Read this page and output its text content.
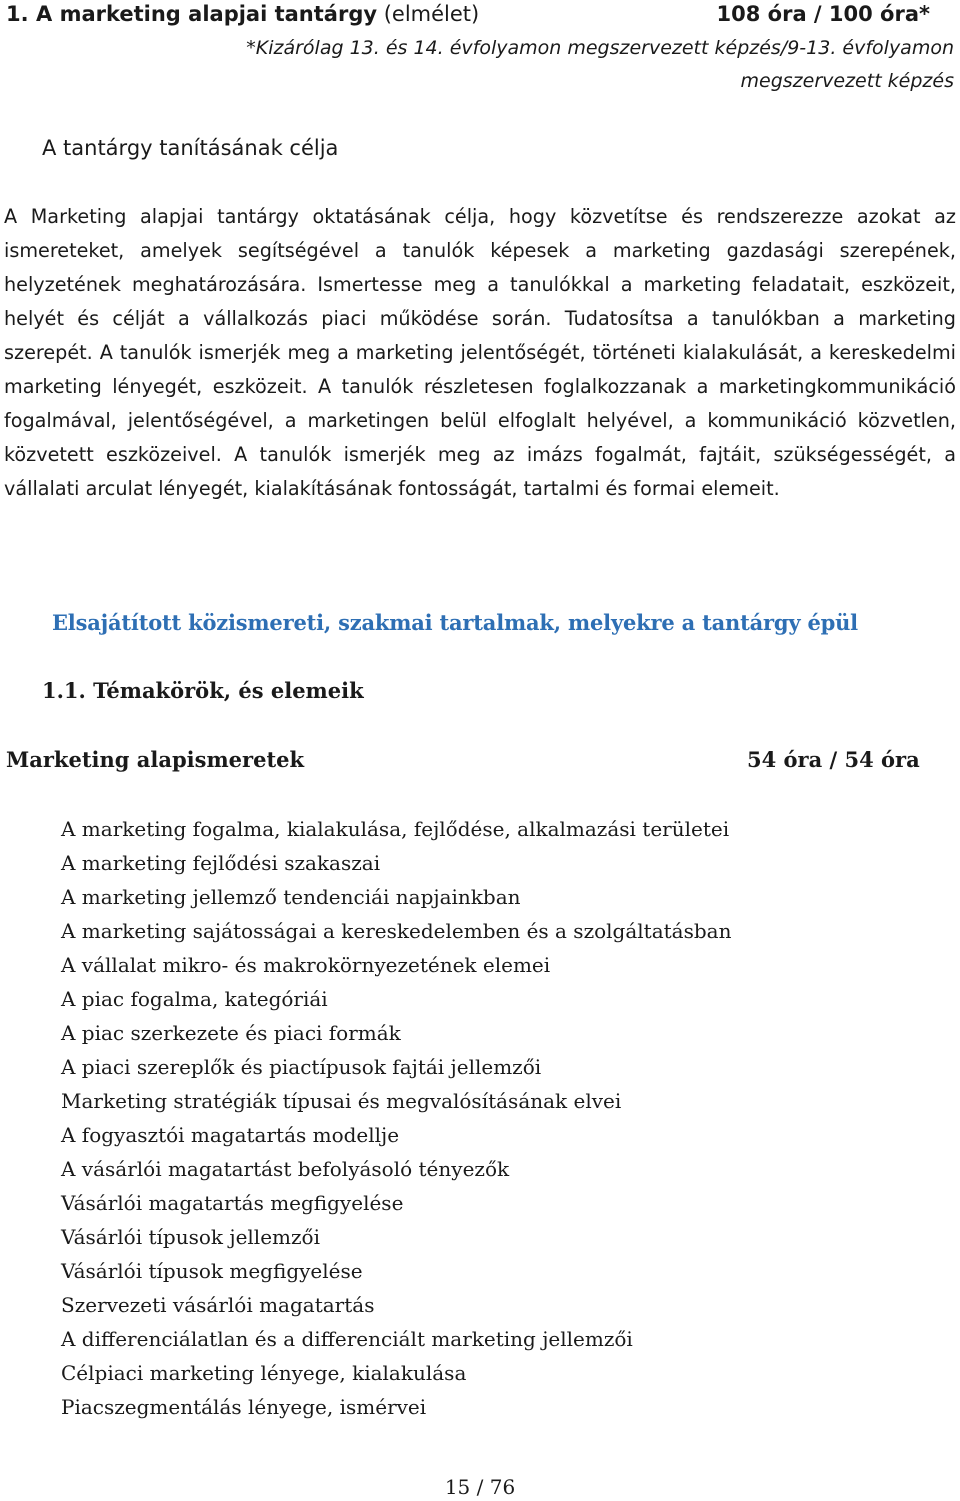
1. A marketing alapjai tantárgy (elmélet)	108 óra / 100 óra*
*Kizárólag 13. és 14. évfolyamon megszervezett képzés/9-13. évfolyamon megszervezett képzés
A tantárgy tanításának célja
A Marketing alapjai tantárgy oktatásának célja, hogy közvetítse és rendszerezze azokat az ismereteket, amelyek segítségével a tanulók képesek a marketing gazdasági szerepének, helyzetének meghatározására. Ismertesse meg a tanulókkal a marketing feladatait, eszközeit, helyét és célját a vállalkozás piaci működése során. Tudatosítsa a tanulókban a marketing szerepét. A tanulók ismerjék meg a marketing jelentőségét, történeti kialakulását, a kereskedelmi marketing lényegét, eszközeit. A tanulók részletesen foglalkozzanak a marketingkommunikáció fogalmával, jelentőségével, a marketingen belül elfoglalt helyével, a kommunikáció közvetlen, közvetett eszközeivel. A tanulók ismerjék meg az imázs fogalmát, fajtáit, szükségességét, a vállalati arculat lényegét, kialakításának fontosságát, tartalmi és formai elemeit.
Elsajátított közismereti, szakmai tartalmak, melyekre a tantárgy épül
1.1. Témakörök, és elemeik
Marketing alapismeretek	54 óra / 54 óra
A marketing fogalma, kialakulása, fejlődése, alkalmazási területei
A marketing fejlődési szakaszai
A marketing jellemző tendenciái napjainkban
A marketing sajátosságai a kereskedelemben és a szolgáltatásban
A vállalat mikro- és makrokörnyezetének elemei
A piac fogalma, kategóriái
A piac szerkezete és piaci formák
A piaci szereplők és piactípusok fajtái jellemzői
Marketing stratégiák típusai és megvalósításának elvei
A fogyasztói magatartás modellje
A vásárlói magatartást befolyásoló tényezők
Vásárlói magatartás megfigyelése
Vásárlói típusok jellemzői
Vásárlói típusok megfigyelése
Szervezeti vásárlói magatartás
A differenciálatlan és a differenciált marketing jellemzői
Célpiaci marketing lényege, kialakulása
Piacszegmentálás lényege, ismérvei
15 / 76
